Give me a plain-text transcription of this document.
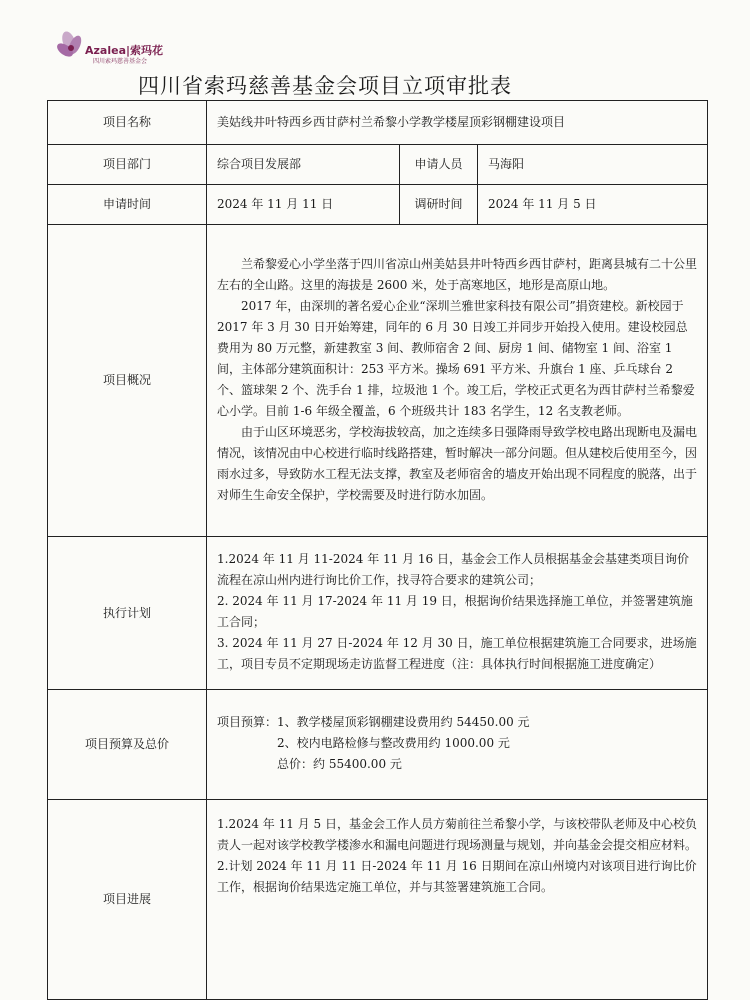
Azalea|索玛花
四川索玛慈善基金会
四川省索玛慈善基金会项目立项审批表
项目名称	美姑线井叶特西乡西甘萨村兰希黎小学教学楼屋顶彩钢棚建设项目		
项目部门	综合项目发展部	申请人员	马海阳
申请时间	2024 年 11 月 11 日	调研时间	2024 年 11 月 5 日
项目概况	兰希黎爱心小学坐落于四川省凉山州美姑县井叶特西乡西甘萨村，距离县城有二十公里左右的全山路。这里的海拔是 2600 米，处于高寒地区，地形是高原山地。

2017 年，由深圳的著名爱心企业“深圳兰雅世家科技有限公司”捐资建校。新校园于 2017 年 3 月 30 日开始筹建，同年的 6 月 30 日竣工并同步开始投入使用。建设校园总费用为 80 万元整，新建教室 3 间、教师宿舍 2 间、厨房 1 间、储物室 1 间、浴室 1 间，主体部分建筑面积计：253 平方米。操场 691 平方米、升旗台 1 座、乒乓球台 2 个、篮球架 2 个、洗手台 1 排，垃圾池 1 个。竣工后，学校正式更名为西甘萨村兰希黎爱心小学。目前 1-6 年级全覆盖，6 个班级共计 183 名学生，12 名支教老师。

由于山区环境恶劣，学校海拔较高，加之连续多日强降雨导致学校电路出现断电及漏电情况，该情况由中心校进行临时线路搭建，暂时解决一部分问题。但从建校后使用至今，因雨水过多，导致防水工程无法支撑，教室及老师宿舍的墙皮开始出现不同程度的脱落，出于对师生生命安全保护，学校需要及时进行防水加固。		

执行计划	1.2024 年 11 月 11-2024 年 11 月 16 日，基金会工作人员根据基金会基建类项目询价流程在凉山州内进行询比价工作，找寻符合要求的建筑公司；

2. 2024 年 11 月 17-2024 年 11 月 19 日，根据询价结果选择施工单位，并签署建筑施工合同；

3. 2024 年 11 月 27 日-2024 年 12 月 30 日，施工单位根据建筑施工合同要求，进场施工，项目专员不定期现场走访监督工程进度（注：具体执行时间根据施工进度确定）		

项目预算及总价	项目预算：1、教学楼屋顶彩钢棚建设费用约 54450.00 元

2、校内电路检修与整改费用约 1000.00 元

总价：约 55400.00 元		

项目进展	1.2024 年 11 月 5 日，基金会工作人员方菊前往兰希黎小学，与该校带队老师及中心校负责人一起对该学校教学楼渗水和漏电问题进行现场测量与规划，并向基金会提交相应材料。

2.计划 2024 年 11 月 11 日-2024 年 11 月 16 日期间在凉山州境内对该项目进行询比价工作，根据询价结果选定施工单位，并与其签署建筑施工合同。		
